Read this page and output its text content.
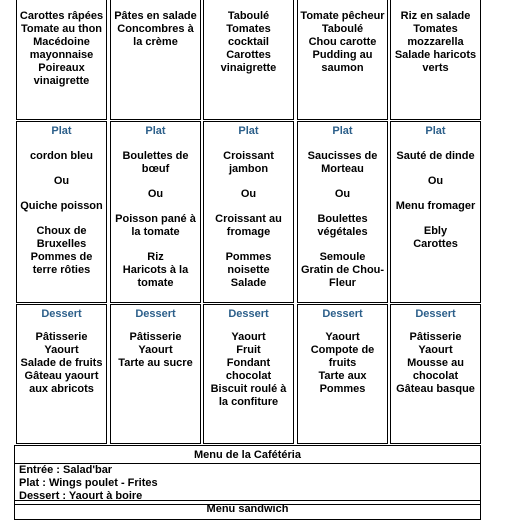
Carottes râpées
Tomate au thon
Macédoine
mayonnaise
Poireaux
vinaigrette
Plat
cordon bleu
Ou
Quiche poisson
Choux de
Bruxelles
Pommes de
terre rôties
Dessert
Pâtisserie
Yaourt
Salade de fruits
Gâteau yaourt
aux abricots
Pâtes en salade
Concombres à
la crème
Plat
Boulettes de
bœuf
Ou
Poisson pané à
la tomate
Riz
Haricots à la
tomate
Dessert
Pâtisserie
Yaourt
Tarte au sucre
Taboulé
Tomates
cocktail
Carottes
vinaigrette
Plat
Croissant
jambon
Ou
Croissant au
fromage
Pommes
noisette
Salade
Dessert
Yaourt
Fruit
Fondant
chocolat
Biscuit roulé à
la confiture
Tomate pêcheur
Taboulé
Chou carotte
Pudding au
saumon
Plat
Saucisses de
Morteau
Ou
Boulettes
végétales
Semoule
Gratin de Chou-
Fleur
Dessert
Yaourt
Compote de
fruits
Tarte aux
Pommes
Riz en salade
Tomates
mozzarella
Salade haricots
verts
Plat
Sauté de dinde
Ou
Menu fromager
Ebly
Carottes
Dessert
Pâtisserie
Yaourt
Mousse au
chocolat
Gâteau basque
Menu de la Cafétéria
Entrée : Salad'bar
Plat : Wings poulet - Frites
Dessert : Yaourt à boire
Menu sandwich
